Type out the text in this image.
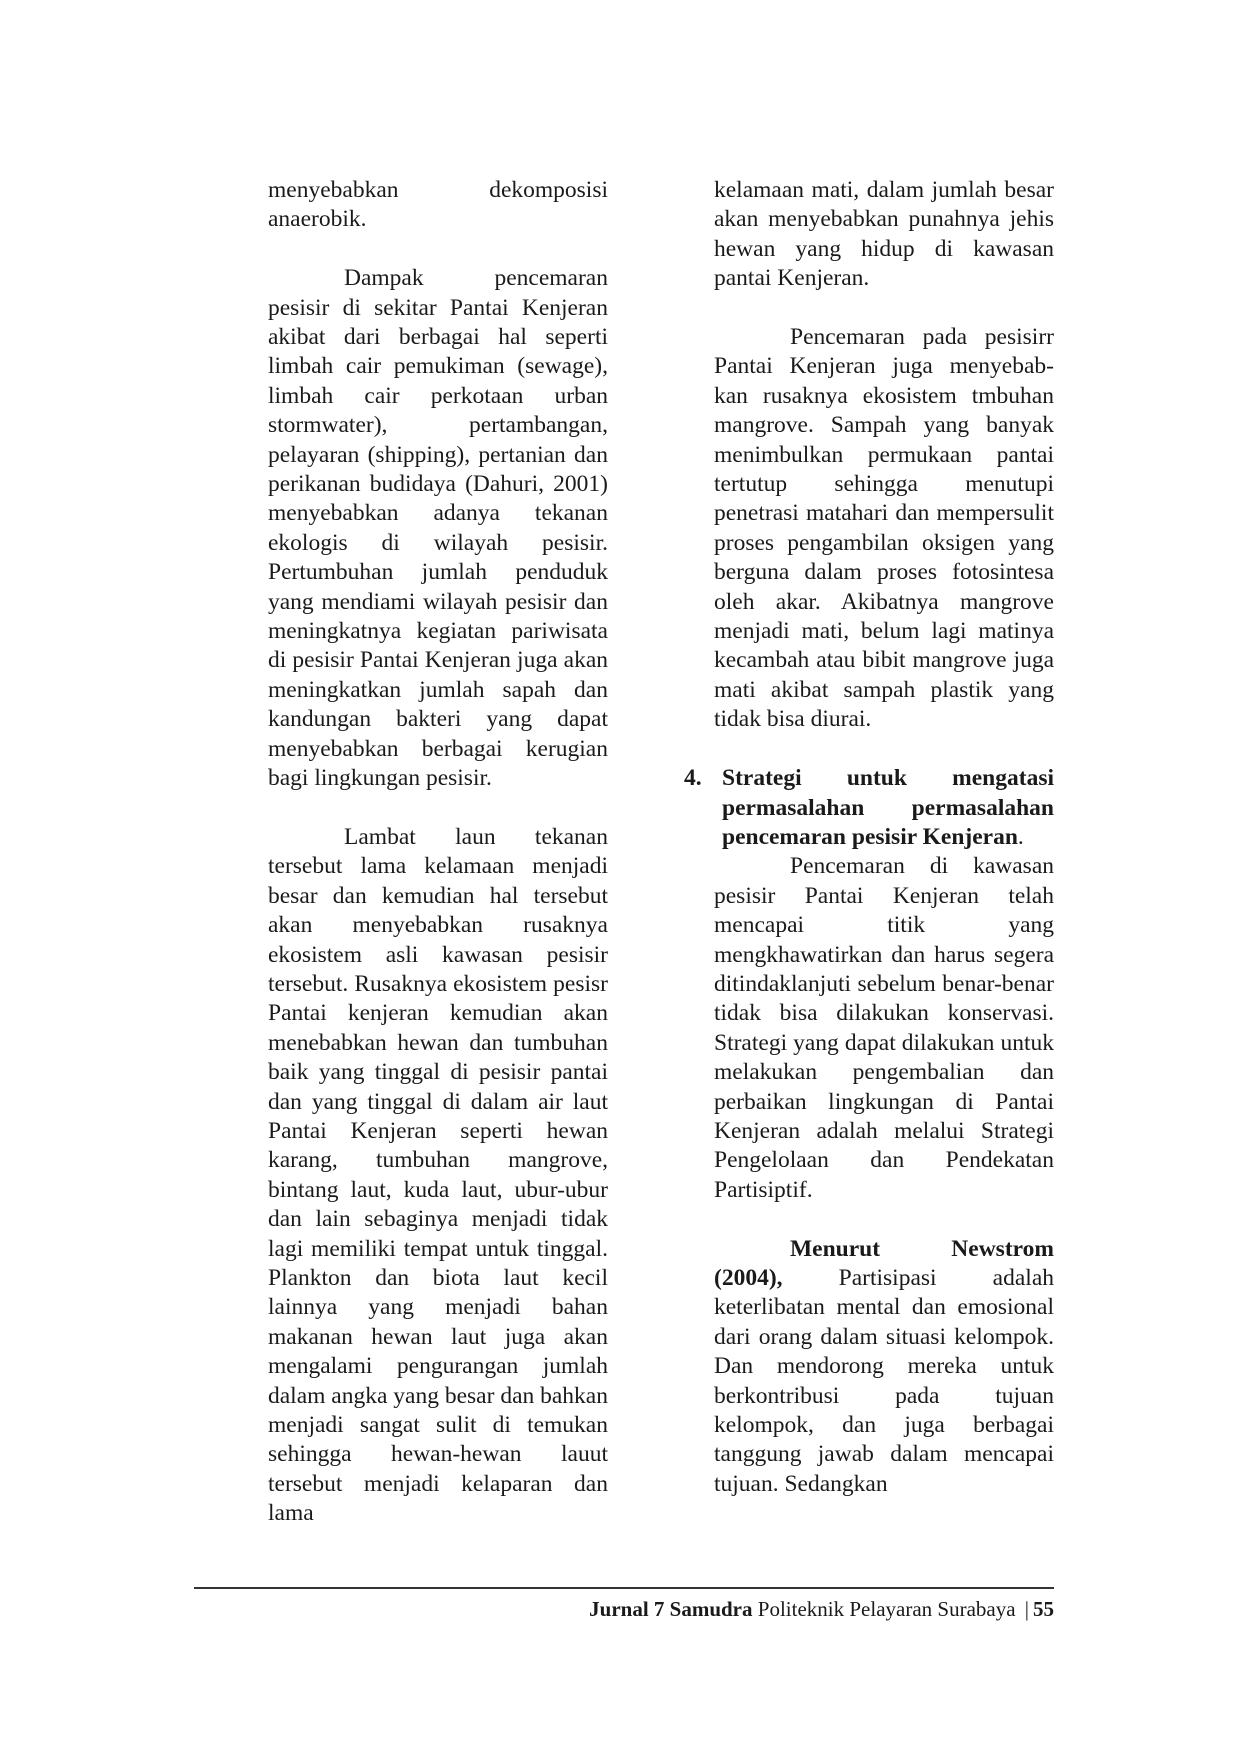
menyebabkan dekomposisi anaerobik.

Dampak pencemaran pesisir di sekitar Pantai Kenjeran akibat dari berbagai hal seperti limbah cair pemukiman (sewage), limbah cair perkotaan urban stormwater), pertambangan, pelayaran (shipping), pertanian dan perikanan budidaya (Dahuri, 2001) menyebabkan adanya tekanan ekologis di wilayah pesisir. Pertumbuhan jumlah penduduk yang mendiami wilayah pesisir dan meningkatnya kegiatan pariwisata di pesisir Pantai Kenjeran juga akan meningkatkan jumlah sapah dan kandungan bakteri yang dapat menyebabkan berbagai kerugian bagi lingkungan pesisir.

Lambat laun tekanan tersebut lama kelamaan menjadi besar dan kemudian hal tersebut akan menyebabkan rusaknya ekosistem asli kawasan pesisir tersebut. Rusaknya ekosistem pesisr Pantai kenjeran kemudian akan menebabkan hewan dan tumbuhan baik yang tinggal di pesisir pantai dan yang tinggal di dalam air laut Pantai Kenjeran seperti hewan karang, tumbuhan mangrove, bintang laut, kuda laut, ubur-ubur dan lain sebaginya menjadi tidak lagi memiliki tempat untuk tinggal. Plankton dan biota laut kecil lainnya yang menjadi bahan makanan hewan laut juga akan mengalami pengurangan jumlah dalam angka yang besar dan bahkan menjadi sangat sulit di temukan sehingga hewan-hewan lauut tersebut menjadi kelaparan dan lama

kelamaan mati, dalam jumlah besar akan menyebabkan punahnya jehis hewan yang hidup di kawasan pantai Kenjeran.

Pencemaran pada pesisirr Pantai Kenjeran juga menyebab-kan rusaknya ekosistem tmbuhan mangrove. Sampah yang banyak menimbulkan permukaan pantai tertutup sehingga menutupi penetrasi matahari dan mempersulit proses pengambilan oksigen yang berguna dalam proses fotosintesa oleh akar. Akibatnya mangrove menjadi mati, belum lagi matinya kecambah atau bibit mangrove juga mati akibat sampah plastik yang tidak bisa diurai.

4. Strategi untuk mengatasi permasalahan permasalahan pencemaran pesisir Kenjeran.

Pencemaran di kawasan pesisir Pantai Kenjeran telah mencapai titik yang mengkhawatirkan dan harus segera ditindaklanjuti sebelum benar-benar tidak bisa dilakukan konservasi. Strategi yang dapat dilakukan untuk melakukan pengembalian dan perbaikan lingkungan di Pantai Kenjeran adalah melalui Strategi Pengelolaan dan Pendekatan Partisiptif.

Menurut Newstrom (2004), Partisipasi adalah keterlibatan mental dan emosional dari orang dalam situasi kelompok. Dan mendorong mereka untuk berkontribusi pada tujuan kelompok, dan juga berbagai tanggung jawab dalam mencapai tujuan. Sedangkan

Jurnal 7 Samudra Politeknik Pelayaran Surabaya | 55
